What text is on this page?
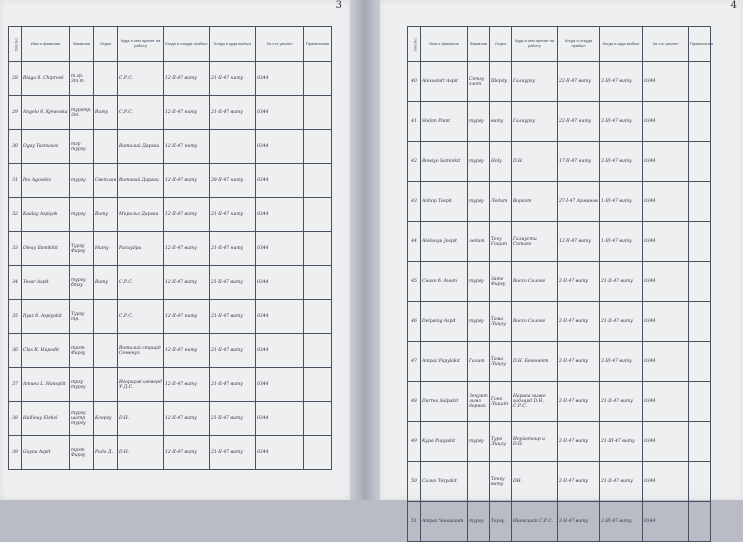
3
Оrd.No.	Имя и фамилия	Фамилия	Отдел	Куда и кем принят на работу	Когда и откуда прибыл	Когда и куда выбыл	За что уволен	Примечания
28	Rlaga б. Chiprovk	т.гр. 3т.т		С.Р.С.	12-II-47 виту	21-II-47 ниту	0344	
29	Angelo б. Kjewoska	тургтр. 3т.	Виту	С.Р.С.	12-II-47 ниту	21-II-47 виту	0344	
30	Ogay Tasmasov	тгр тургу		Виталий Даргаи	12-II-47 ниту		0344	
31	Iho Agosdes	тургу	Светлан	Витагий Даргаи	12-II-47 виту	28-II-47 ниту	0344	
32	Kaalay Aspiyak	тургу	Виту	Миральз Даргаи	12-II-47 виту	21-II-47 ниту	0344	
33	Oleay Ilamikhit	Тургу Фиргу	Ниту	Расиудра	12-II-47 виту	21-II-47 ниту	0344	
34	Tesar Aspit	тургу бтгу	Виту	С.Р.С.	12-II-47 виту	21-II-47 виту	0344	
35	Ilyaz б. Aspiyakit	Тургу тр.		С.Р.С.	12-II-47 ниту	21-II-47 виту	0344	
36	Clas R. Hupodit	тргт Фиргу		Виталий стрирд Семенуз	12-II-47 ниту	21-II-47 виту	0344	
37	Amuea L. Hanoplit	тргу тургу		Игорирж иммерд У.Д.С.	12-II-47 виту	21-II-47 виту	0344	
38	Halliouy Elshol	тургу шатр тургу	Ксергу	D.H.	12-II-47 виту	21-II-47 виту	0344	
39	Gayna Aspit	тргт Фиргу	Ридо Д.	D.H.	12-II-47 виту	21-II-47 виту	0344	
4
Оrd.No.	Имя и фамилия	Фамилия	Отдел	Куда и кем принят на работу	Когда и откуда прибыл	Когда и куда выбыл	За что уволен	Примечания
40	Alexsandr Aspit	Сетгу глот	Шерду	Галиургу	22-II-47 виту	2-III-47 виту	0344	
41	Stefan Plant	тургу	виту	Галиургу	22-II-47 ниту	2-III-47 виту	0344	
42	Bowiyo Saminkit	тургу	Holy	D.H.	17-II-47 ниту	2-III-47 виту	0344	
43	Anhop Tospit	тургу	Ледит	Воркот	27-I-47 Арманов	1-III-47 виту	0344	
44	Aleksayu Jospit	ледит	Тегу Гоцит	Галиусти Сотаке	12-II-47 виту	1-III-47 виту	0344	
45	Снако б. Анит	тургу	Зате Фиргу	Вассо Салоке	2-II-47 виту	21-II-47 виту	0344	
46	Delpaing Aspit	тургу	Тама Лицгу	Вассо Салоке	2-II-47 виту	21-II-47 виту	0344	
47	Ampaz Papylakit	Галит	Тама Лицгу	D.H. Бекенект	2-II-47 виту	2-III-47 виту	0344	
48	Durrea Salpakit	Зекумт лимз дорнак	Гоно Лицит	Нарака ниже гадлард D.H. С.Р.С.	2-II-47 виту	21-II-47 виту	0344	
49	Кура Pupyakit	тургу	Туро Лицгу	Иоуйотоир и D.H.	2-II-47 виту	21-III-47 виту	0344	
50	Салко Tozyakit		Тенгу виту	DH.	2-II-47 виту	21-II-47 виту	0344	
51	Ampaz Чаниакит	тургу	Тергу	Ниоксиат С.Р.С.	2-II-47 виту	2-III-47 виту	0344	
